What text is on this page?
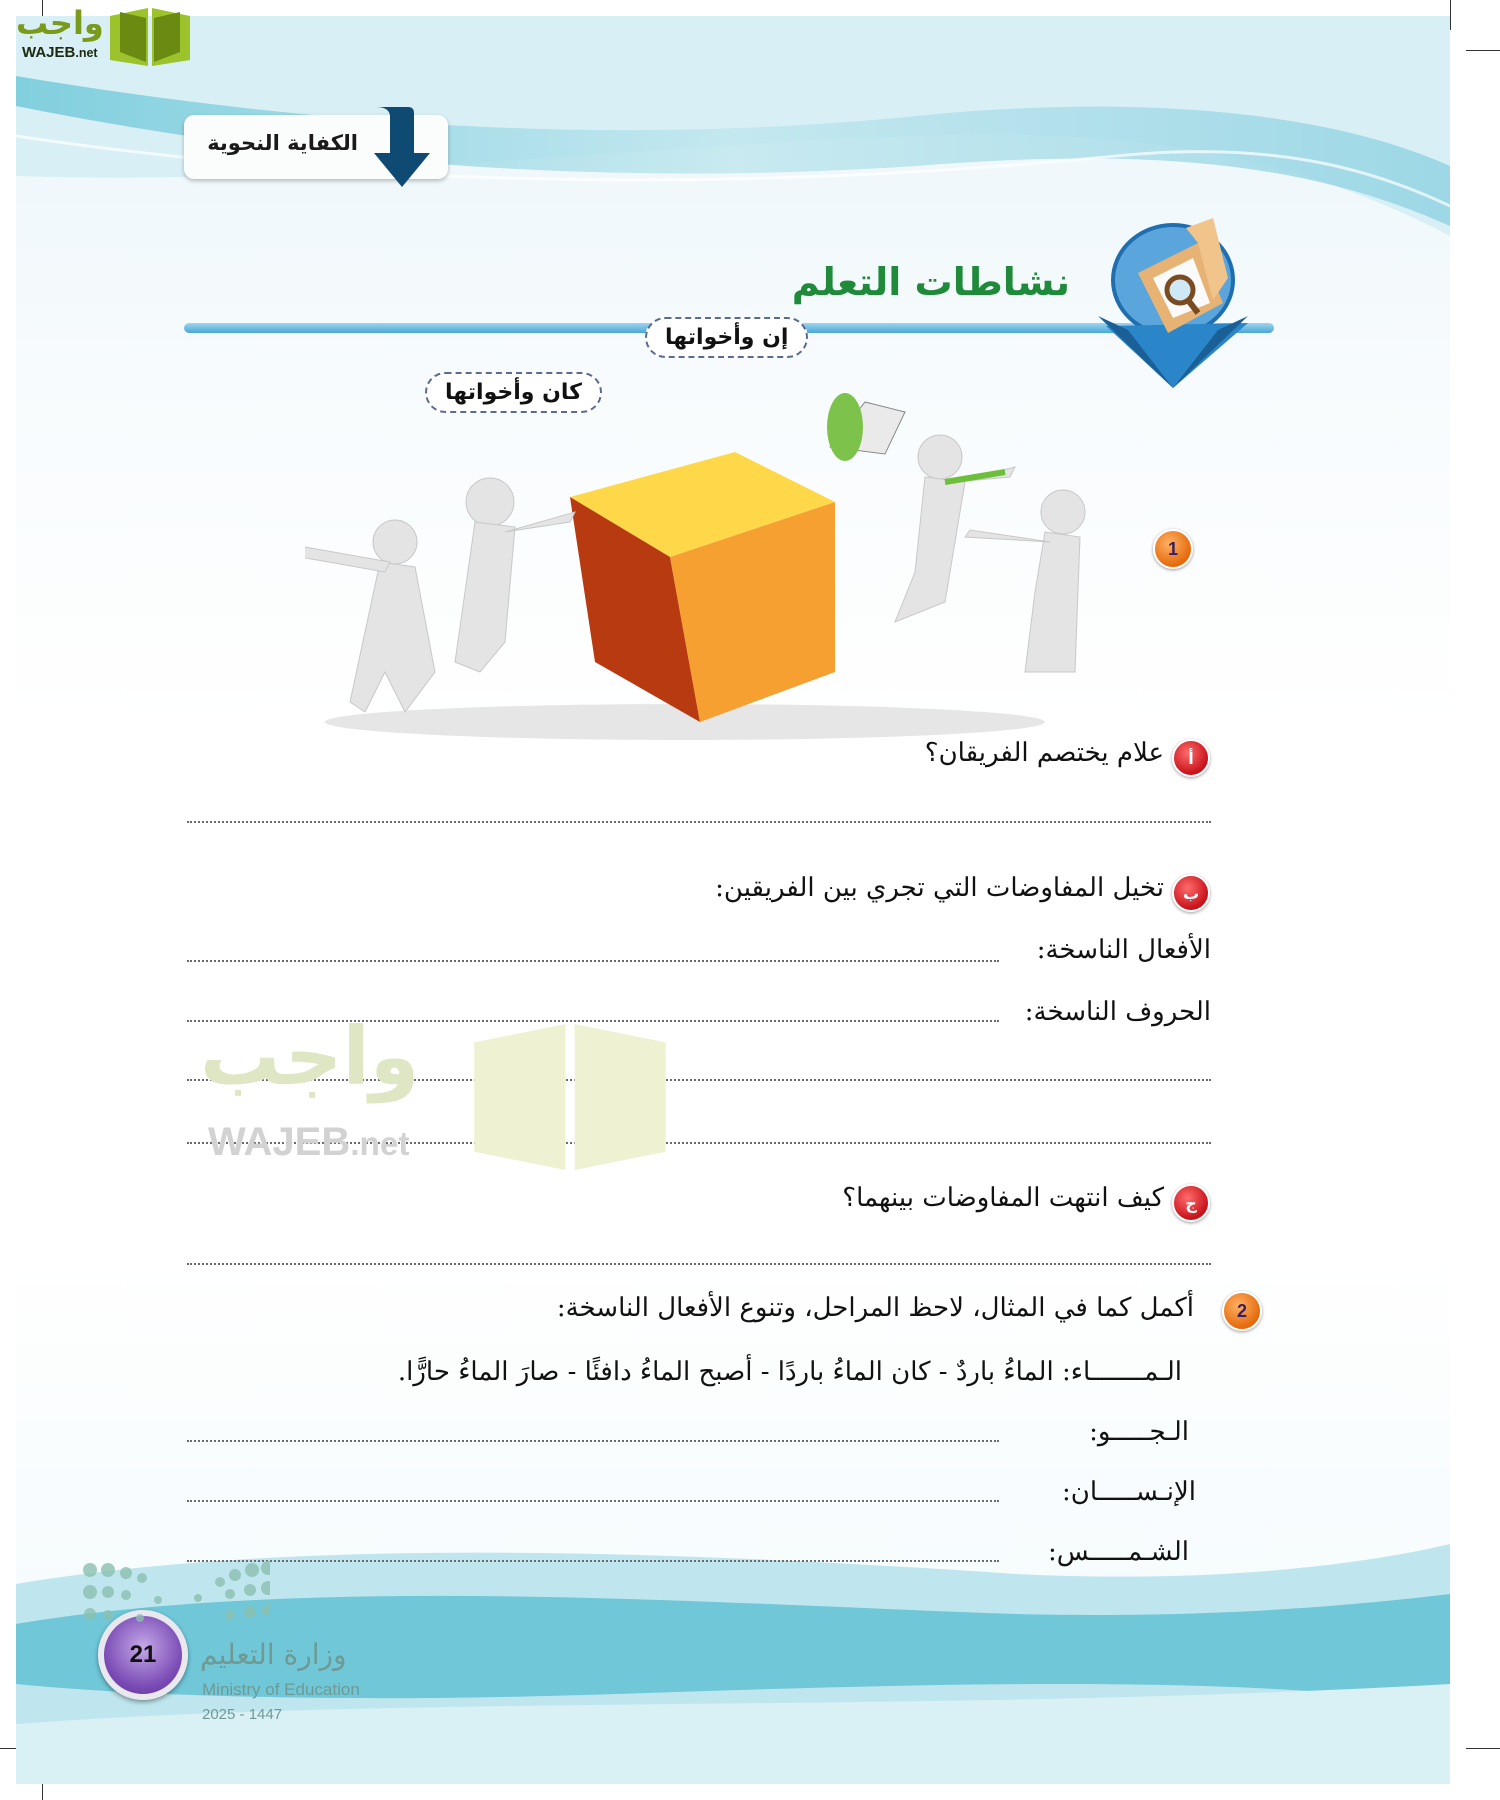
واجب
WAJEB.net
الكفاية النحوية
نشاطات التعلم
كان وأخواتها
إن وأخواتها
واجب
WAJEB.net
1
أ
علام يختصم الفريقان؟
ب
تخيل المفاوضات التي تجري بين الفريقين:
الأفعال الناسخة:
الحروف الناسخة:
ج
كيف انتهت المفاوضات بينهما؟
2
أكمل كما في المثال، لاحظ المراحل، وتنوع الأفعال الناسخة:
الـمـــــــاء: الماءُ باردٌ - كان الماءُ باردًا - أصبح الماءُ دافئًا - صارَ الماءُ حارًّا.
الـجـــــو:
الإنـســـــان:
الشـمـــــس:
21	وزارة التعليم
Ministry of Education
2025 - 1447
